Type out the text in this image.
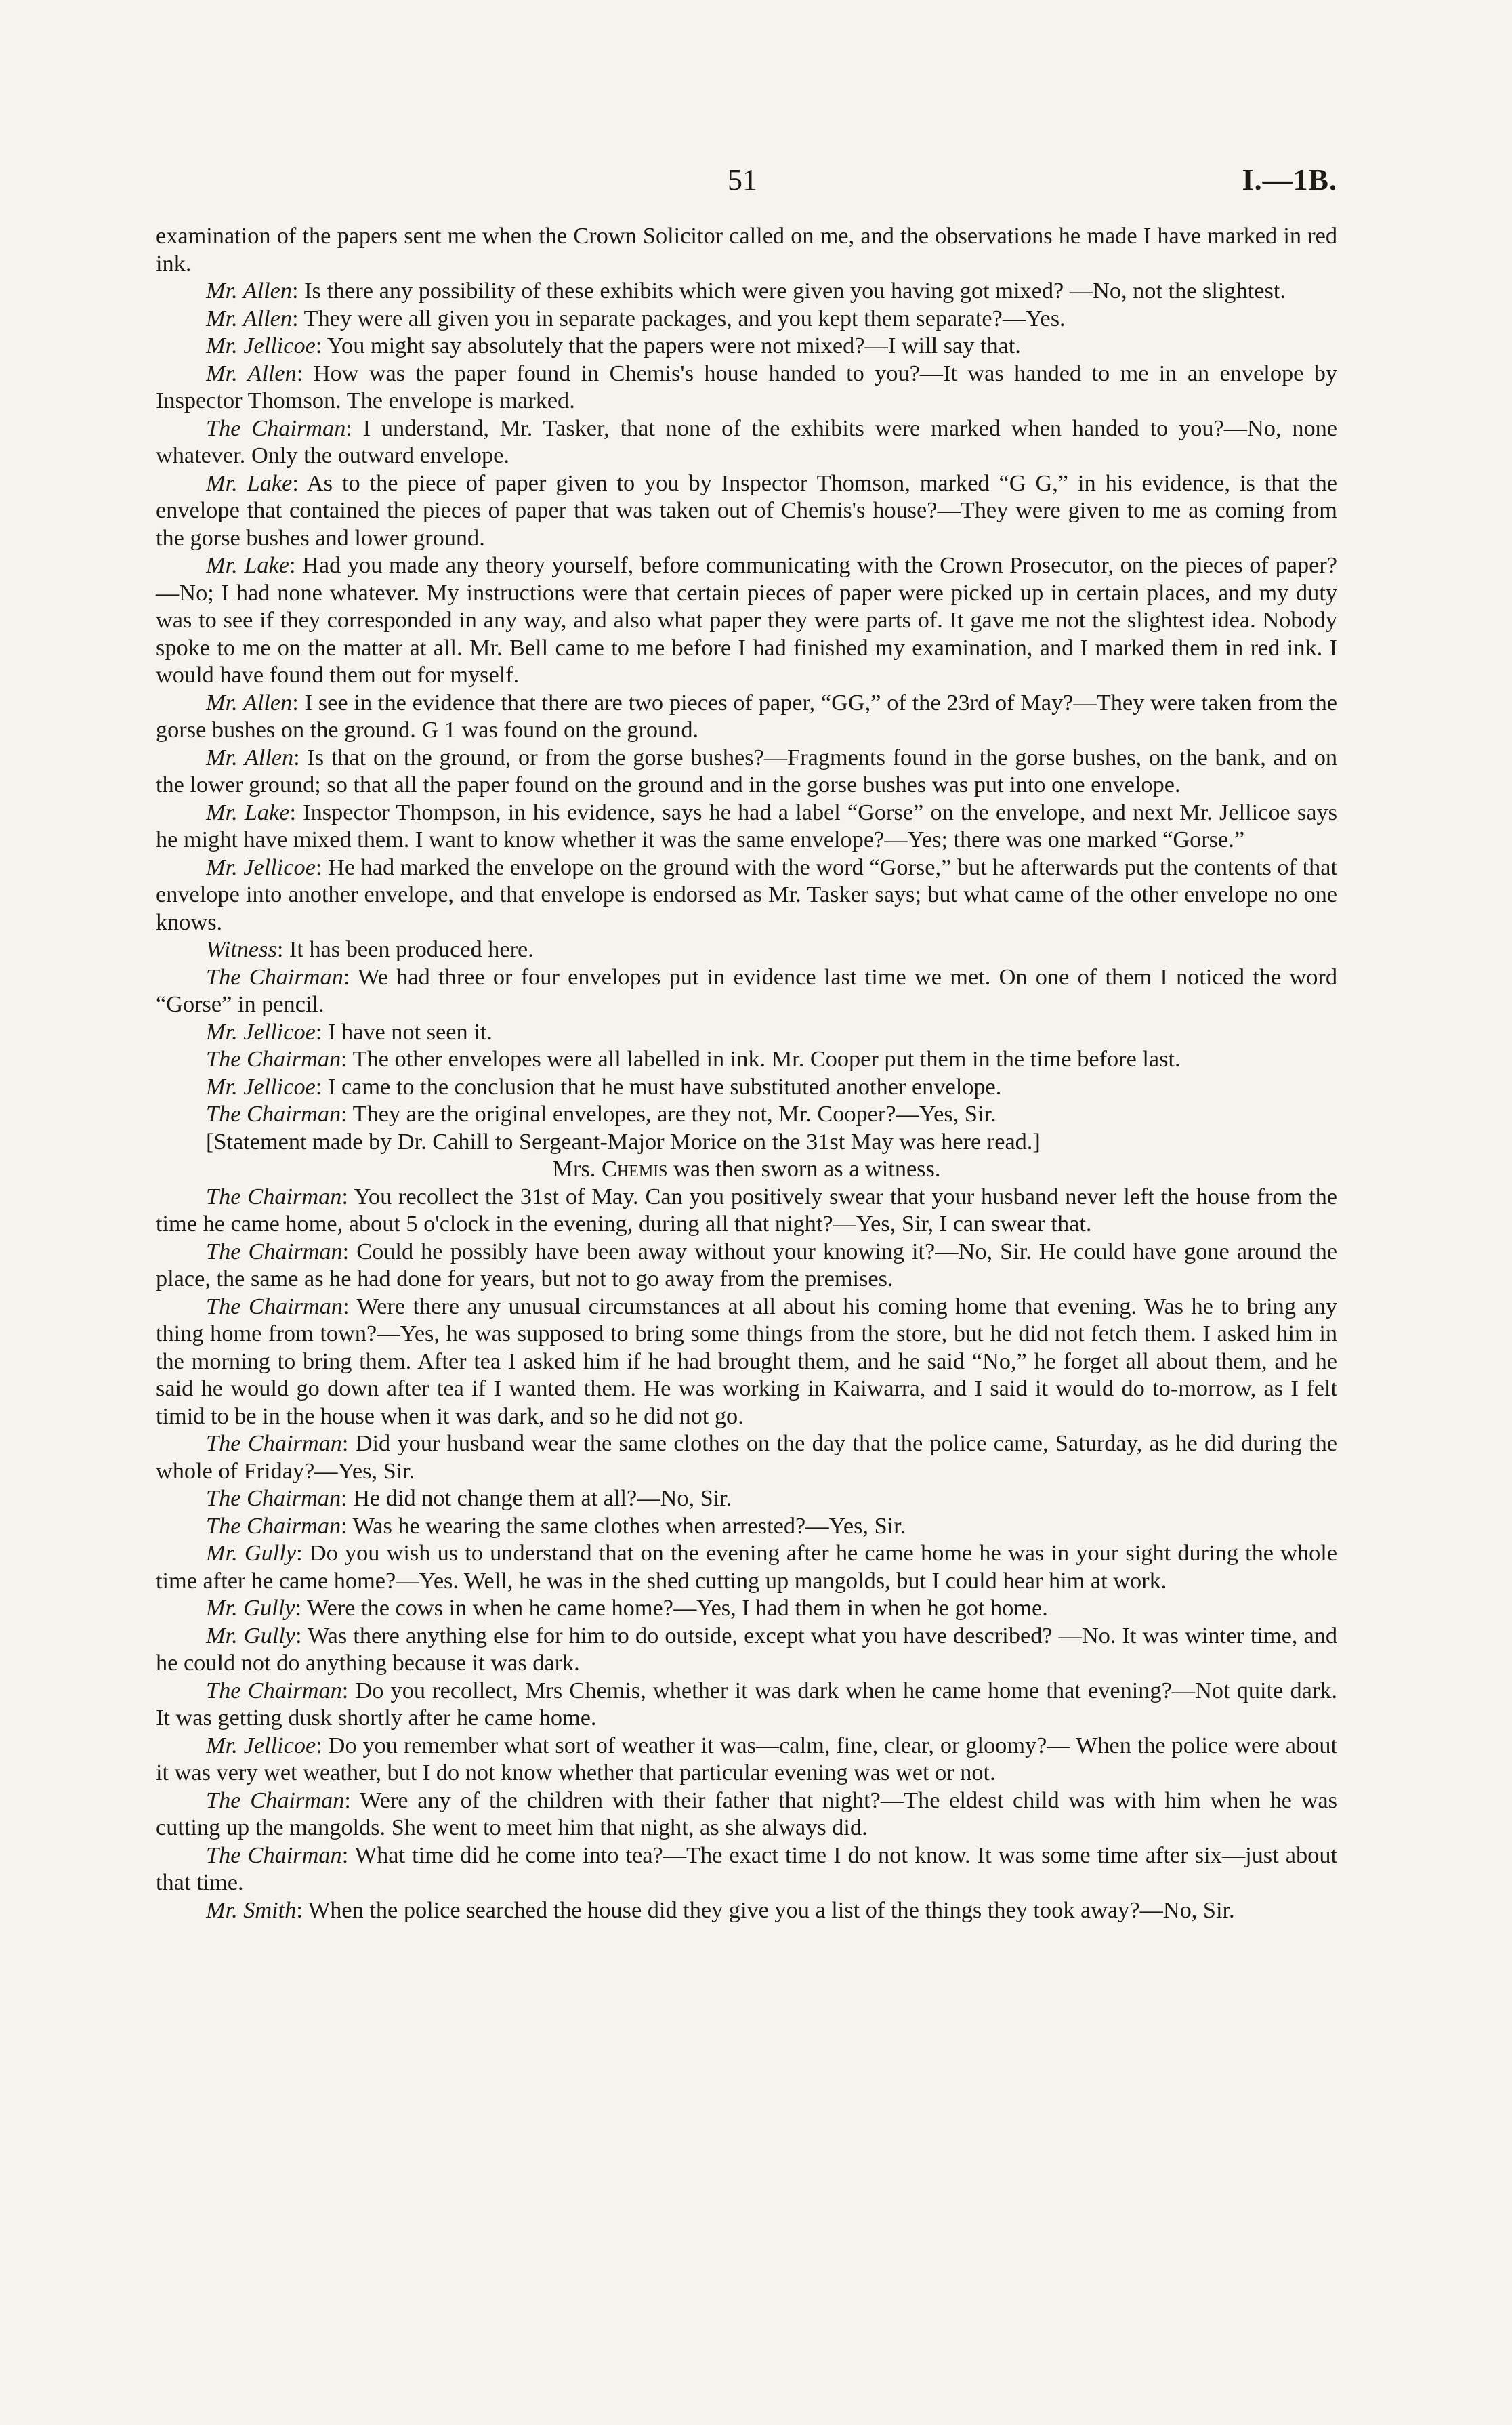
51	I.—1B.

examination of the papers sent me when the Crown Solicitor called on me, and the observations he made I have marked in red ink.

Mr. Allen: Is there any possibility of these exhibits which were given you having got mixed? —No, not the slightest.

Mr. Allen: They were all given you in separate packages, and you kept them separate?—Yes.

Mr. Jellicoe: You might say absolutely that the papers were not mixed?—I will say that.

Mr. Allen: How was the paper found in Chemis's house handed to you?—It was handed to me in an envelope by Inspector Thomson. The envelope is marked.

The Chairman: I understand, Mr. Tasker, that none of the exhibits were marked when handed to you?—No, none whatever. Only the outward envelope.

Mr. Lake: As to the piece of paper given to you by Inspector Thomson, marked “G G,” in his evidence, is that the envelope that contained the pieces of paper that was taken out of Chemis's house?—They were given to me as coming from the gorse bushes and lower ground.

Mr. Lake: Had you made any theory yourself, before communicating with the Crown Prosecutor, on the pieces of paper?—No; I had none whatever. My instructions were that certain pieces of paper were picked up in certain places, and my duty was to see if they corresponded in any way, and also what paper they were parts of. It gave me not the slightest idea. Nobody spoke to me on the matter at all. Mr. Bell came to me before I had finished my examination, and I marked them in red ink. I would have found them out for myself.

Mr. Allen: I see in the evidence that there are two pieces of paper, “GG,” of the 23rd of May?—They were taken from the gorse bushes on the ground. G 1 was found on the ground.

Mr. Allen: Is that on the ground, or from the gorse bushes?—Fragments found in the gorse bushes, on the bank, and on the lower ground; so that all the paper found on the ground and in the gorse bushes was put into one envelope.

Mr. Lake: Inspector Thompson, in his evidence, says he had a label “Gorse” on the envelope, and next Mr. Jellicoe says he might have mixed them. I want to know whether it was the same envelope?—Yes; there was one marked “Gorse.”

Mr. Jellicoe: He had marked the envelope on the ground with the word “Gorse,” but he afterwards put the contents of that envelope into another envelope, and that envelope is endorsed as Mr. Tasker says; but what came of the other envelope no one knows.

Witness: It has been produced here.

The Chairman: We had three or four envelopes put in evidence last time we met. On one of them I noticed the word “Gorse” in pencil.

Mr. Jellicoe: I have not seen it.

The Chairman: The other envelopes were all labelled in ink. Mr. Cooper put them in the time before last.

Mr. Jellicoe: I came to the conclusion that he must have substituted another envelope.

The Chairman: They are the original envelopes, are they not, Mr. Cooper?—Yes, Sir.

[Statement made by Dr. Cahill to Sergeant-Major Morice on the 31st May was here read.]

Mrs. Chemis was then sworn as a witness.

The Chairman: You recollect the 31st of May. Can you positively swear that your husband never left the house from the time he came home, about 5 o'clock in the evening, during all that night?—Yes, Sir, I can swear that.

The Chairman: Could he possibly have been away without your knowing it?—No, Sir. He could have gone around the place, the same as he had done for years, but not to go away from the premises.

The Chairman: Were there any unusual circumstances at all about his coming home that evening. Was he to bring any thing home from town?—Yes, he was supposed to bring some things from the store, but he did not fetch them. I asked him in the morning to bring them. After tea I asked him if he had brought them, and he said “No,” he forget all about them, and he said he would go down after tea if I wanted them. He was working in Kaiwarra, and I said it would do to-morrow, as I felt timid to be in the house when it was dark, and so he did not go.

The Chairman: Did your husband wear the same clothes on the day that the police came, Saturday, as he did during the whole of Friday?—Yes, Sir.

The Chairman: He did not change them at all?—No, Sir.

The Chairman: Was he wearing the same clothes when arrested?—Yes, Sir.

Mr. Gully: Do you wish us to understand that on the evening after he came home he was in your sight during the whole time after he came home?—Yes. Well, he was in the shed cutting up mangolds, but I could hear him at work.

Mr. Gully: Were the cows in when he came home?—Yes, I had them in when he got home.

Mr. Gully: Was there anything else for him to do outside, except what you have described? —No. It was winter time, and he could not do anything because it was dark.

The Chairman: Do you recollect, Mrs Chemis, whether it was dark when he came home that evening?—Not quite dark. It was getting dusk shortly after he came home.

Mr. Jellicoe: Do you remember what sort of weather it was—calm, fine, clear, or gloomy?— When the police were about it was very wet weather, but I do not know whether that particular evening was wet or not.

The Chairman: Were any of the children with their father that night?—The eldest child was with him when he was cutting up the mangolds. She went to meet him that night, as she always did.

The Chairman: What time did he come into tea?—The exact time I do not know. It was some time after six—just about that time.

Mr. Smith: When the police searched the house did they give you a list of the things they took away?—No, Sir.
